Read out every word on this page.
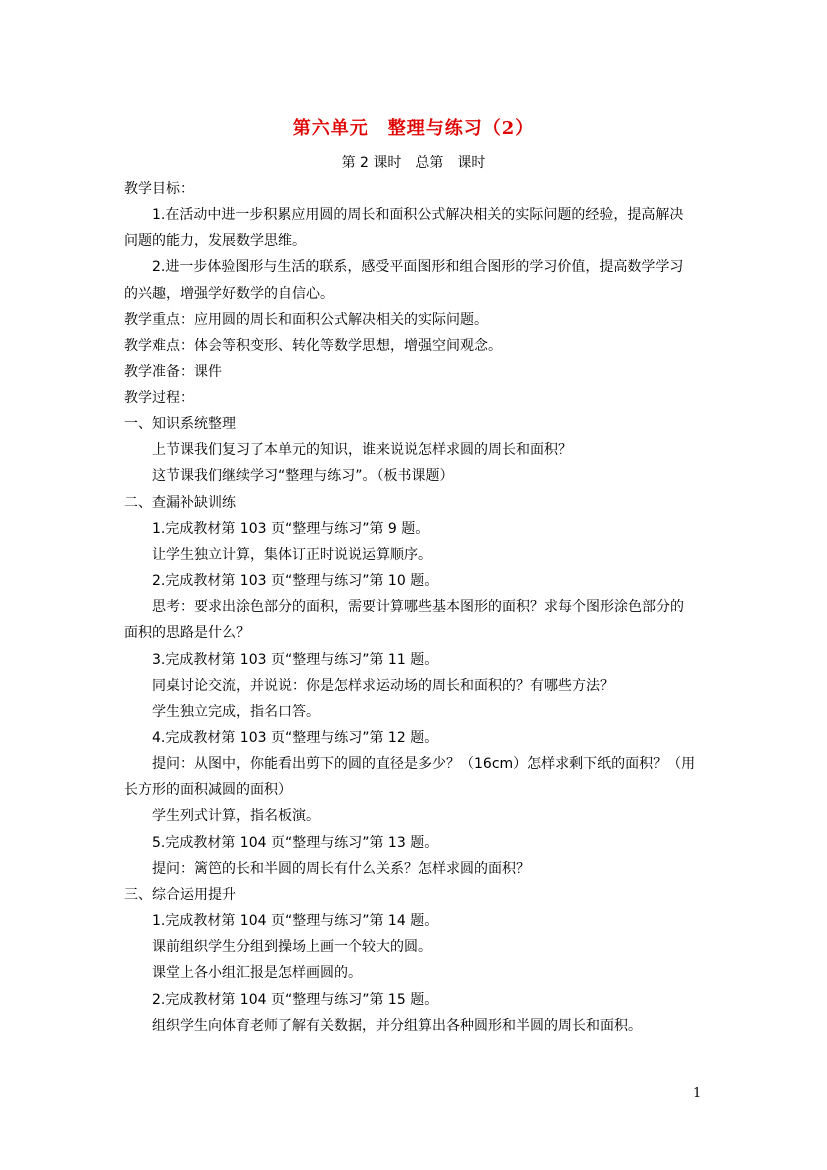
第六单元　整理与练习（2）
第 2 课时　总第　课时
教学目标：
1.在活动中进一步积累应用圆的周长和面积公式解决相关的实际问题的经验，提高解决
问题的能力，发展数学思维。
2.进一步体验图形与生活的联系，感受平面图形和组合图形的学习价值，提高数学学习
的兴趣，增强学好数学的自信心。
教学重点：应用圆的周长和面积公式解决相关的实际问题。
教学难点：体会等积变形、转化等数学思想，增强空间观念。
教学准备：课件
教学过程：
一、知识系统整理
上节课我们复习了本单元的知识，谁来说说怎样求圆的周长和面积？
这节课我们继续学习“整理与练习”。（板书课题）
二、查漏补缺训练
1.完成教材第 103 页“整理与练习”第 9 题。
让学生独立计算，集体订正时说说运算顺序。
2.完成教材第 103 页“整理与练习”第 10 题。
思考：要求出涂色部分的面积，需要计算哪些基本图形的面积？求每个图形涂色部分的
面积的思路是什么？
3.完成教材第 103 页“整理与练习”第 11 题。
同桌讨论交流，并说说：你是怎样求运动场的周长和面积的？有哪些方法？
学生独立完成，指名口答。
4.完成教材第 103 页“整理与练习”第 12 题。
提问：从图中，你能看出剪下的圆的直径是多少？（16cm）怎样求剩下纸的面积？（用
长方形的面积减圆的面积）
学生列式计算，指名板演。
5.完成教材第 104 页“整理与练习”第 13 题。
提问：篱笆的长和半圆的周长有什么关系？怎样求圆的面积？
三、综合运用提升
1.完成教材第 104 页“整理与练习”第 14 题。
课前组织学生分组到操场上画一个较大的圆。
课堂上各小组汇报是怎样画圆的。
2.完成教材第 104 页“整理与练习”第 15 题。
组织学生向体育老师了解有关数据，并分组算出各种圆形和半圆的周长和面积。
1
